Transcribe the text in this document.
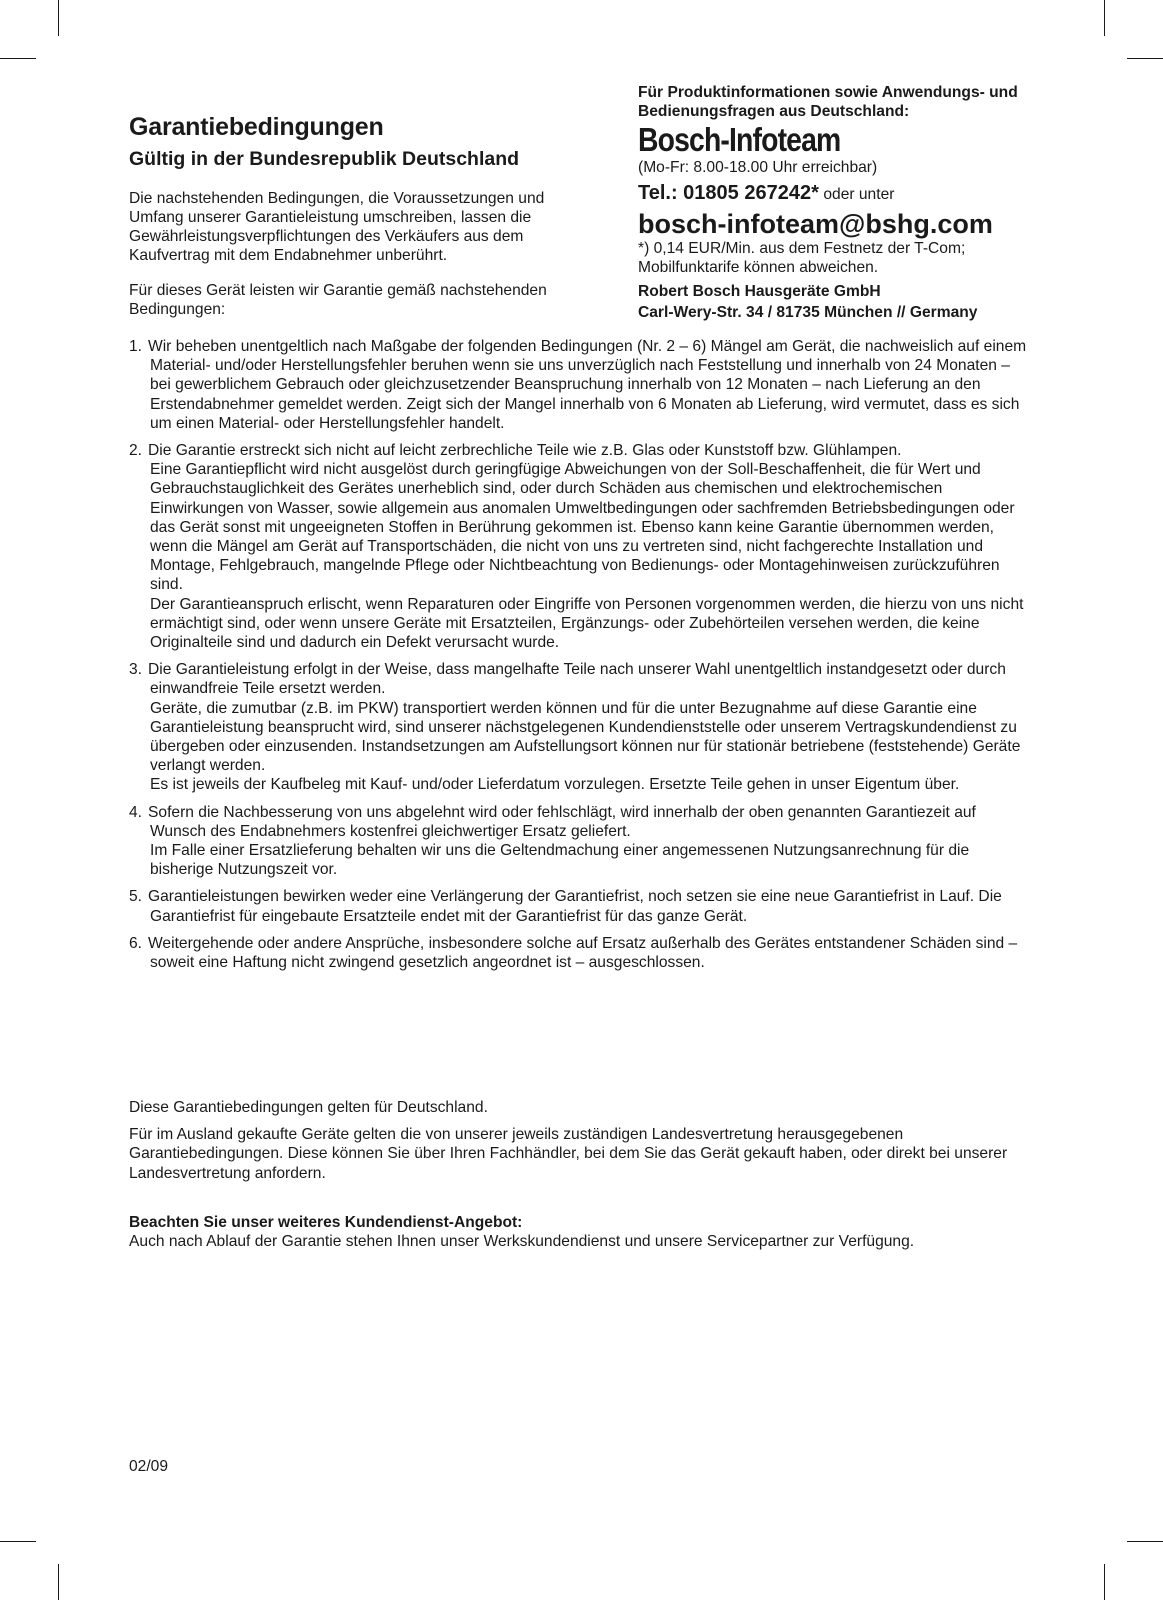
Garantiebedingungen
Gültig in der Bundesrepublik Deutschland

Die nachstehenden Bedingungen, die Voraussetzungen und Umfang unserer Garantieleistung umschreiben, lassen die Gewährleistungsverpflichtungen des Verkäufers aus dem Kaufvertrag mit dem Endabnehmer unberührt.

Für dieses Gerät leisten wir Garantie gemäß nachstehenden Bedingungen:

Für Produktinformationen sowie Anwendungs- und Bedienungsfragen aus Deutschland:

Bosch-Infoteam

(Mo-Fr: 8.00-18.00 Uhr erreichbar)

Tel.: 01805 267242* oder unter

bosch-infoteam@bshg.com

*) 0,14 EUR/Min. aus dem Festnetz der T-Com; Mobilfunktarife können abweichen.

Robert Bosch Hausgeräte GmbH

Carl-Wery-Str. 34 / 81735 München // Germany

1. Wir beheben unentgeltlich nach Maßgabe der folgenden Bedingungen (Nr. 2 – 6) Mängel am Gerät, die nachweislich auf einem Material- und/oder Herstellungsfehler beruhen wenn sie uns unverzüglich nach Feststellung und innerhalb von 24 Monaten – bei gewerblichem Gebrauch oder gleichzusetzender Beanspruchung innerhalb von 12 Monaten – nach Lieferung an den Erstendabnehmer gemeldet werden. Zeigt sich der Mangel innerhalb von 6 Monaten ab Lieferung, wird vermutet, dass es sich um einen Material- oder Herstellungsfehler handelt.
2. Die Garantie erstreckt sich nicht auf leicht zerbrechliche Teile wie z.B. Glas oder Kunststoff bzw. Glühlampen.
Eine Garantiepflicht wird nicht ausgelöst durch geringfügige Abweichungen von der Soll-Beschaffenheit, die für Wert und Gebrauchstauglichkeit des Gerätes unerheblich sind, oder durch Schäden aus chemischen und elektrochemischen Einwirkungen von Wasser, sowie allgemein aus anomalen Umweltbedingungen oder sachfremden Betriebsbedingungen oder das Gerät sonst mit ungeeigneten Stoffen in Berührung gekommen ist. Ebenso kann keine Garantie übernommen werden, wenn die Mängel am Gerät auf Transportschäden, die nicht von uns zu vertreten sind, nicht fachgerechte Installation und Montage, Fehlgebrauch, mangelnde Pflege oder Nichtbeachtung von Bedienungs- oder Montagehinweisen zurückzuführen sind.
Der Garantieanspruch erlischt, wenn Reparaturen oder Eingriffe von Personen vorgenommen werden, die hierzu von uns nicht ermächtigt sind, oder wenn unsere Geräte mit Ersatzteilen, Ergänzungs- oder Zubehörteilen versehen werden, die keine Originalteile sind und dadurch ein Defekt verursacht wurde.
3. Die Garantieleistung erfolgt in der Weise, dass mangelhafte Teile nach unserer Wahl unentgeltlich instandgesetzt oder durch einwandfreie Teile ersetzt werden.
Geräte, die zumutbar (z.B. im PKW) transportiert werden können und für die unter Bezugnahme auf diese Garantie eine Garantieleistung beansprucht wird, sind unserer nächstgelegenen Kundendienststelle oder unserem Vertragskundendienst zu übergeben oder einzusenden. Instandsetzungen am Aufstellungsort können nur für stationär betriebene (feststehende) Geräte verlangt werden.
Es ist jeweils der Kaufbeleg mit Kauf- und/oder Lieferdatum vorzulegen. Ersetzte Teile gehen in unser Eigentum über.
4. Sofern die Nachbesserung von uns abgelehnt wird oder fehlschlägt, wird innerhalb der oben genannten Garantiezeit auf Wunsch des Endabnehmers kostenfrei gleichwertiger Ersatz geliefert.
Im Falle einer Ersatzlieferung behalten wir uns die Geltendmachung einer angemessenen Nutzungsanrechnung für die bisherige Nutzungszeit vor.
5. Garantieleistungen bewirken weder eine Verlängerung der Garantiefrist, noch setzen sie eine neue Garantiefrist in Lauf. Die Garantiefrist für eingebaute Ersatzteile endet mit der Garantiefrist für das ganze Gerät.
6. Weitergehende oder andere Ansprüche, insbesondere solche auf Ersatz außerhalb des Gerätes entstandener Schäden sind – soweit eine Haftung nicht zwingend gesetzlich angeordnet ist – ausgeschlossen.

Diese Garantiebedingungen gelten für Deutschland.

Für im Ausland gekaufte Geräte gelten die von unserer jeweils zuständigen Landesvertretung herausgegebenen Garantiebedingungen. Diese können Sie über Ihren Fachhändler, bei dem Sie das Gerät gekauft haben, oder direkt bei unserer Landesvertretung anfordern.

Beachten Sie unser weiteres Kundendienst-Angebot:

Auch nach Ablauf der Garantie stehen Ihnen unser Werkskundendienst und unsere Servicepartner zur Verfügung.

02/09
